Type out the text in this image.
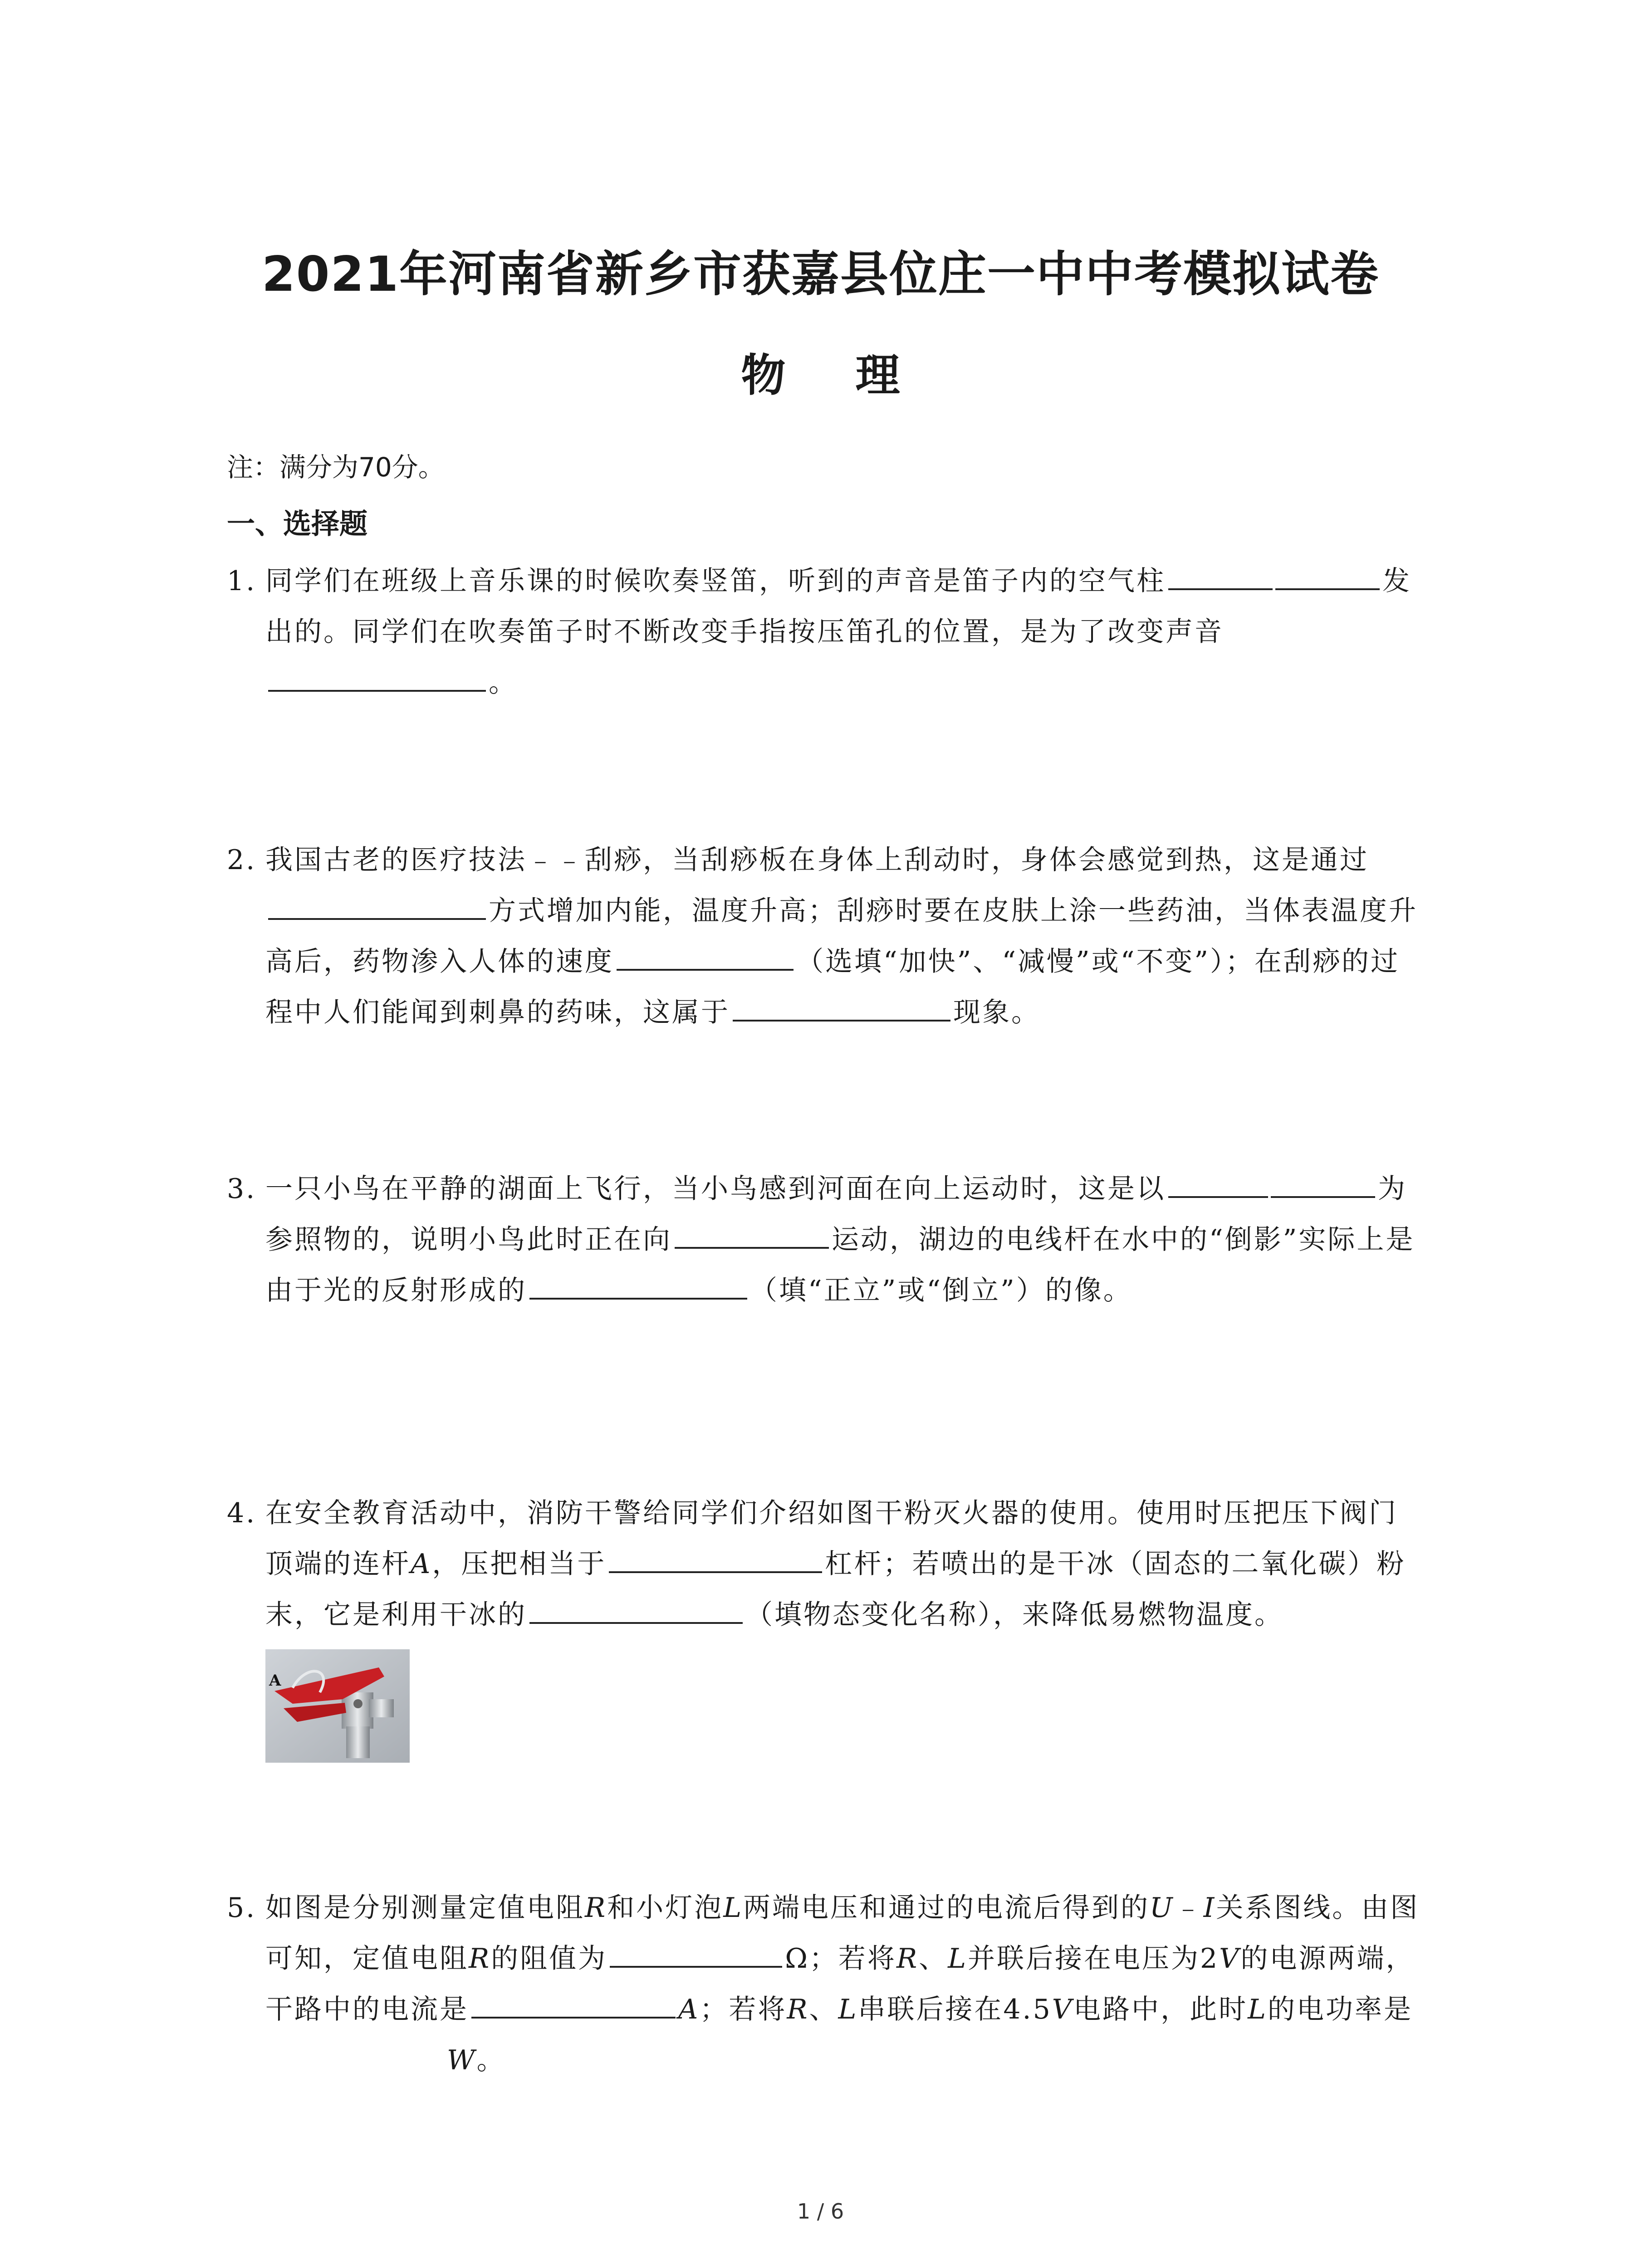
2021年河南省新乡市获嘉县位庄一中中考模拟试卷
物 理
注：满分为70分。
一、选择题
1. 同学们在班级上音乐课的时候吹奏竖笛，听到的声音是笛子内的空气柱	发出的。同学们在吹奏笛子时不断改变手指按压笛孔的位置，是为了改变声音。
2. 我国古老的医疗技法﹣﹣刮痧，当刮痧板在身体上刮动时，身体会感觉到热，这是通过方式增加内能，温度升高；刮痧时要在皮肤上涂一些药油，当体表温度升高后，药物渗入人体的速度	（选填“加快”、“减慢”或“不变”）；在刮痧的过程中人们能闻到刺鼻的药味，这属于	现象。
3. 一只小鸟在平静的湖面上飞行，当小鸟感到河面在向上运动时，这是以	为参照物的，说明小鸟此时正在向	运动，湖边的电线杆在水中的“倒影”实际上是由于光的反射形成的	（填“正立”或“倒立”）的像。
4. 在安全教育活动中，消防干警给同学们介绍如图干粉灭火器的使用。使用时压把压下阀门顶端的连杆A，压把相当于	杠杆；若喷出的是干冰（固态的二氧化碳）粉末，它是利用干冰的	（填物态变化名称），来降低易燃物温度。
A
5. 如图是分别测量定值电阻R和小灯泡L两端电压和通过的电流后得到的U﹣I关系图线。由图可知，定值电阻R的阻值为	Ω；若将R、L并联后接在电压为2V的电源两端，干路中的电流是	A；若将R、L串联后接在4.5V电路中，此时L的电功率是W。
1 / 6
